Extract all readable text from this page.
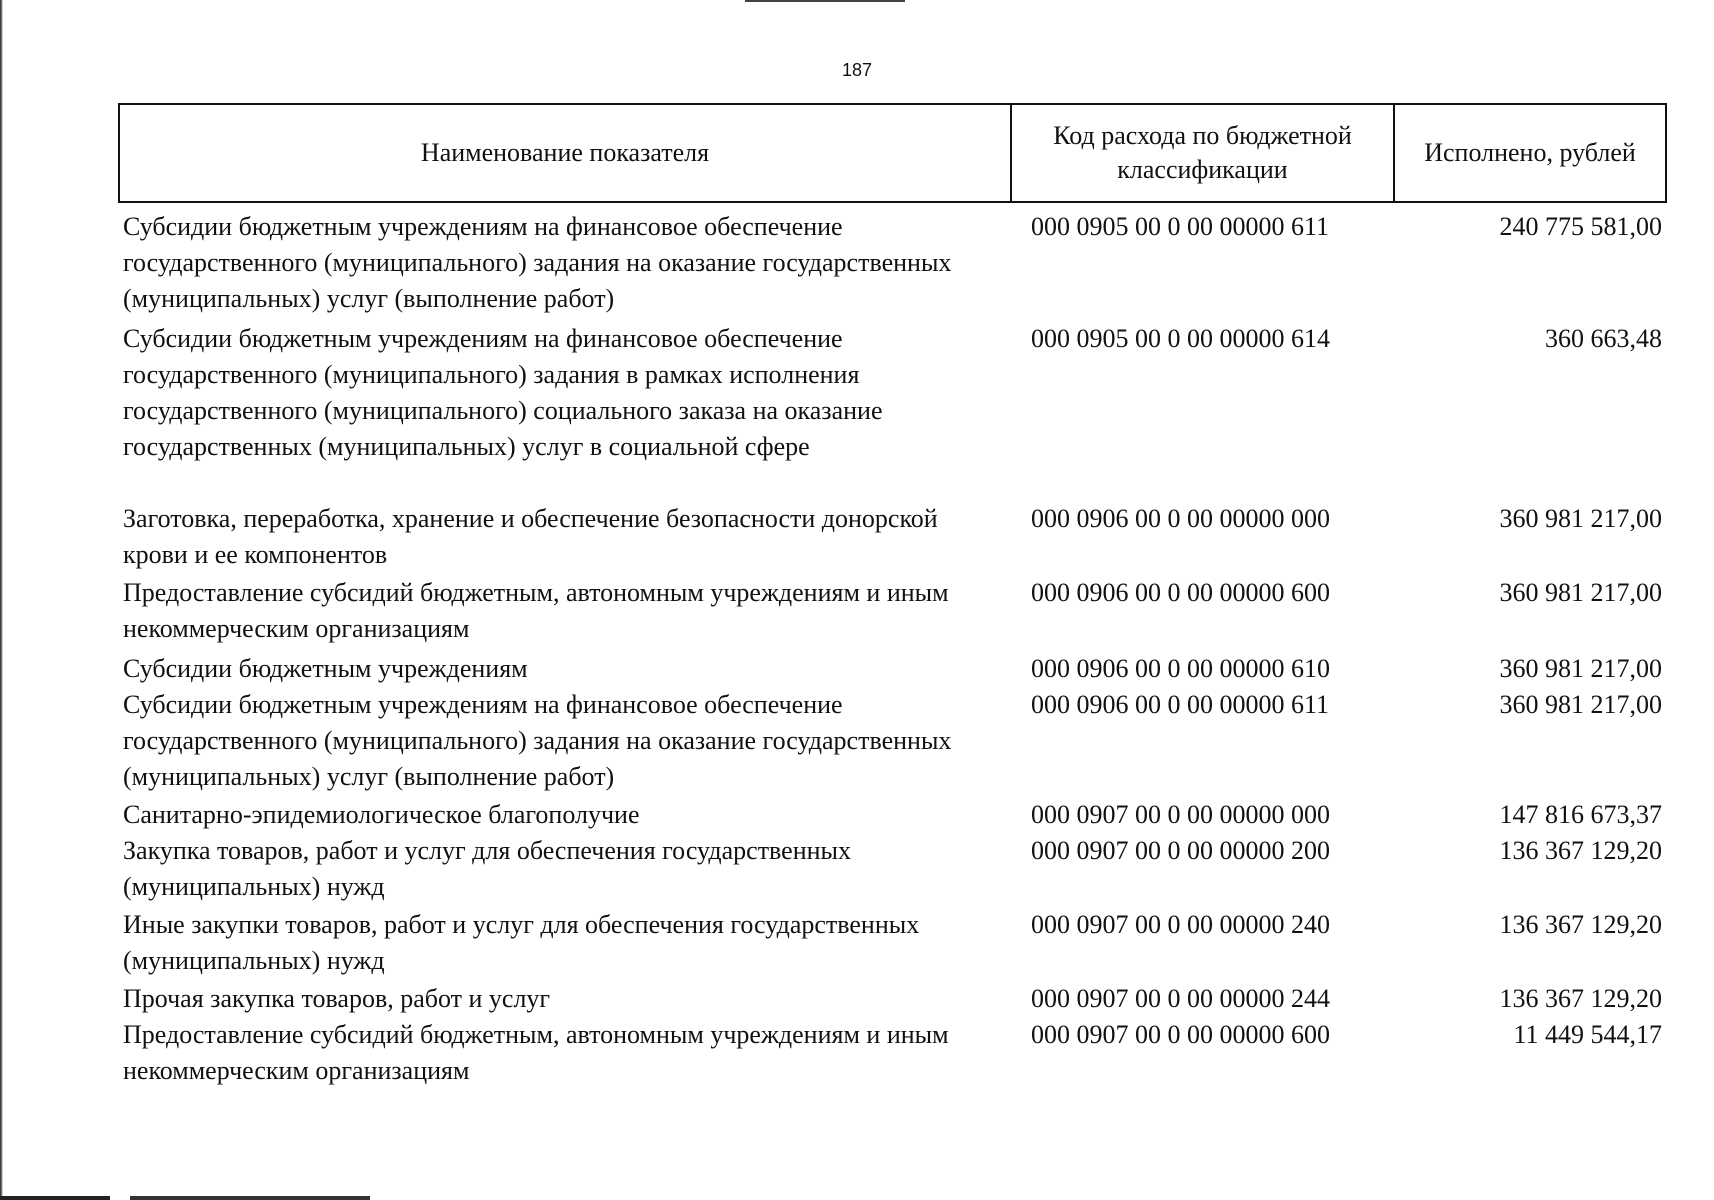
187
Наименование показателя	Код расхода по бюджетной классификации	Исполнено, рублей
Субсидии бюджетным учреждениям на финансовое обеспечение государственного (муниципального) задания на оказание государственных (муниципальных) услуг (выполнение работ)	000 0905 00 0 00 00000 611	240 775 581,00
Субсидии бюджетным учреждениям на финансовое обеспечение государственного (муниципального) задания в рамках исполнения государственного (муниципального) социального заказа на оказание государственных (муниципальных) услуг в социальной сфере	000 0905 00 0 00 00000 614	360 663,48
Заготовка, переработка, хранение и обеспечение безопасности донорской крови и ее компонентов	000 0906 00 0 00 00000 000	360 981 217,00
Предоставление субсидий бюджетным, автономным учреждениям и иным некоммерческим организациям	000 0906 00 0 00 00000 600	360 981 217,00
Субсидии бюджетным учреждениям	000 0906 00 0 00 00000 610	360 981 217,00
Субсидии бюджетным учреждениям на финансовое обеспечение государственного (муниципального) задания на оказание государственных (муниципальных) услуг (выполнение работ)	000 0906 00 0 00 00000 611	360 981 217,00
Санитарно-эпидемиологическое благополучие	000 0907 00 0 00 00000 000	147 816 673,37
Закупка товаров, работ и услуг для обеспечения государственных (муниципальных) нужд	000 0907 00 0 00 00000 200	136 367 129,20
Иные закупки товаров, работ и услуг для обеспечения государственных (муниципальных) нужд	000 0907 00 0 00 00000 240	136 367 129,20
Прочая закупка товаров, работ и услуг	000 0907 00 0 00 00000 244	136 367 129,20
Предоставление субсидий бюджетным, автономным учреждениям и иным некоммерческим организациям	000 0907 00 0 00 00000 600	11 449 544,17
